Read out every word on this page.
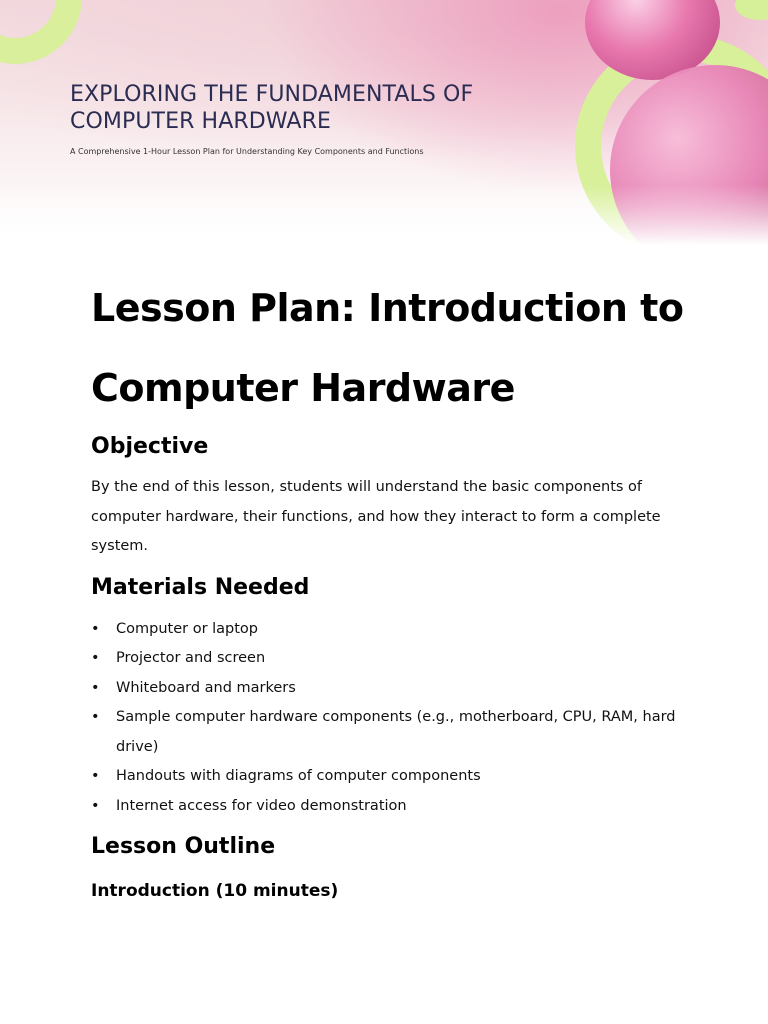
EXPLORING THE FUNDAMENTALS OF
COMPUTER HARDWARE

A Comprehensive 1-Hour Lesson Plan for Understanding Key Components and Functions

Lesson Plan: Introduction to
Computer Hardware
Objective

By the end of this lesson, students will understand the basic components of computer hardware, their functions, and how they interact to form a complete system.

Materials Needed
• Computer or laptop
• Projector and screen
• Whiteboard and markers
• Sample computer hardware components (e.g., motherboard, CPU, RAM, hard drive)
• Handouts with diagrams of computer components
• Internet access for video demonstration
Lesson Outline
Introduction (10 minutes)
